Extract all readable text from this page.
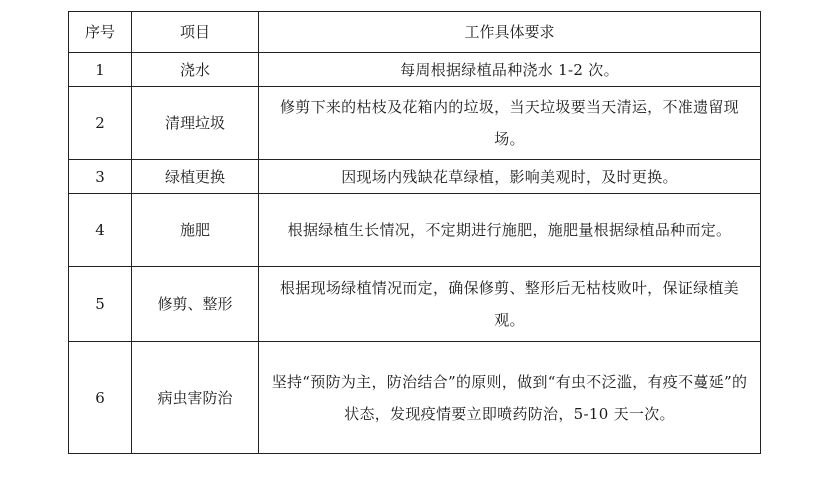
序号	项目	工作具体要求
1	浇水	每周根据绿植品种浇水 1-2 次。
2	清理垃圾	修剪下来的枯枝及花箱内的垃圾，当天垃圾要当天清运，不准遗留现场。
3	绿植更换	因现场内残缺花草绿植，影响美观时，及时更换。
4	施肥	根据绿植生长情况，不定期进行施肥，施肥量根据绿植品种而定。
5	修剪、整形	根据现场绿植情况而定，确保修剪、整形后无枯枝败叶，保证绿植美观。
6	病虫害防治	坚持“预防为主，防治结合”的原则，做到“有虫不泛滥，有疫不蔓延”的状态，发现疫情要立即喷药防治，5-10 天一次。
